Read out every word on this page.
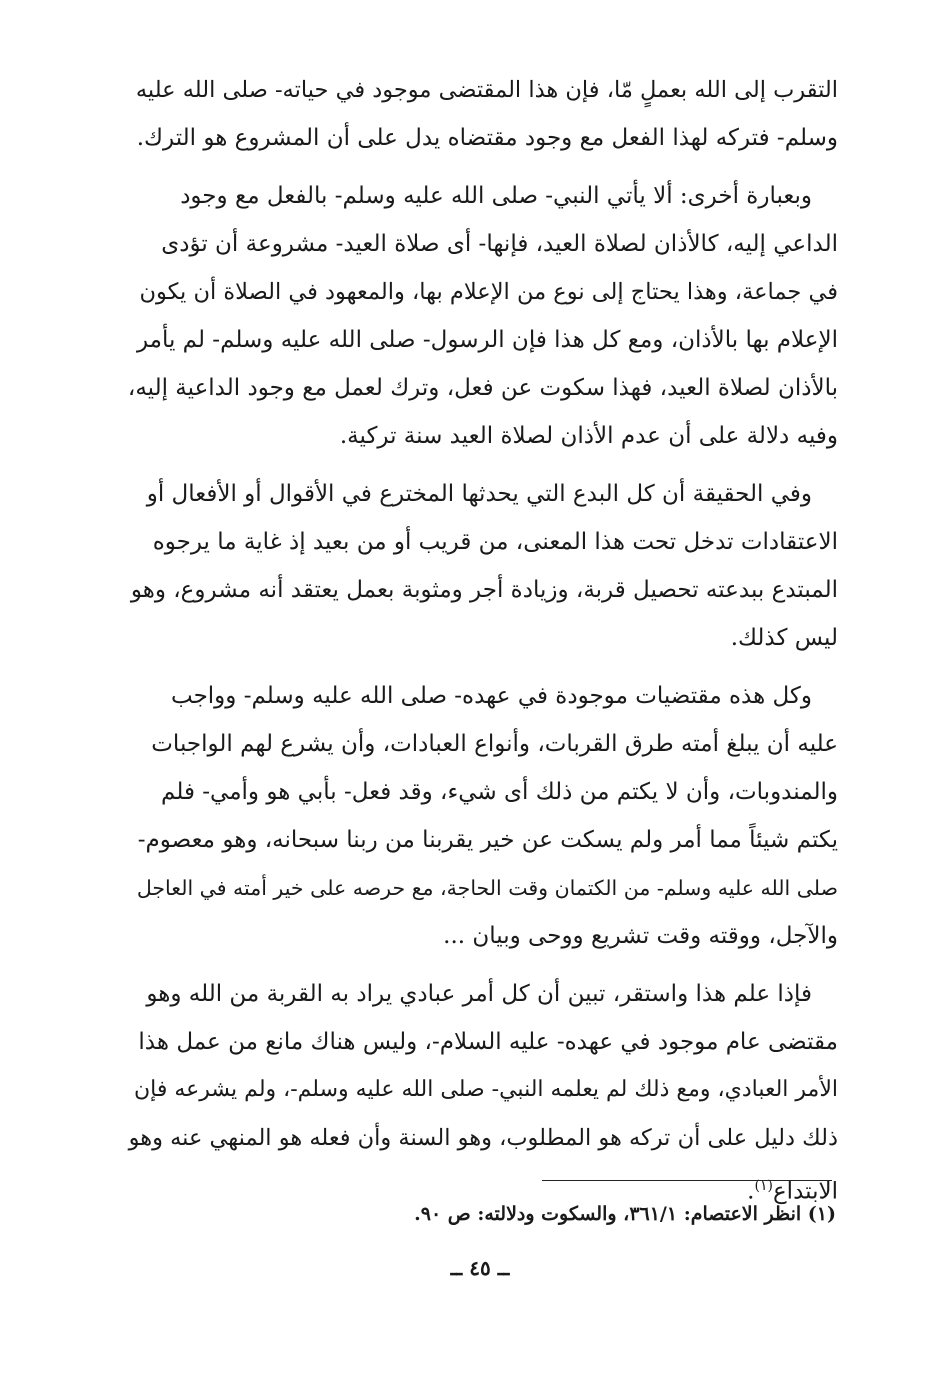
التقرب إلى الله بعملٍ مّا، فإن هذا المقتضى موجود في حياته- صلى الله عليه
وسلم- فتركه لهذا الفعل مع وجود مقتضاه يدل على أن المشروع هو الترك.
وبعبارة أخرى: ألا يأتي النبي- صلى الله عليه وسلم- بالفعل مع وجود
الداعي إليه، كالأذان لصلاة العيد، فإنها- أى صلاة العيد- مشروعة أن تؤدى
في جماعة، وهذا يحتاج إلى نوع من الإعلام بها، والمعهود في الصلاة أن يكون
الإعلام بها بالأذان، ومع كل هذا فإن الرسول- صلى الله عليه وسلم- لم يأمر
بالأذان لصلاة العيد، فهذا سكوت عن فعل، وترك لعمل مع وجود الداعية إليه،
وفيه دلالة على أن عدم الأذان لصلاة العيد سنة تركية.
وفي الحقيقة أن كل البدع التي يحدثها المخترع في الأقوال أو الأفعال أو
الاعتقادات تدخل تحت هذا المعنى، من قريب أو من بعيد إذ غاية ما يرجوه
المبتدع ببدعته تحصيل قربة، وزيادة أجر ومثوبة بعمل يعتقد أنه مشروع، وهو
ليس كذلك.
وكل هذه مقتضيات موجودة في عهده- صلى الله عليه وسلم- وواجب
عليه أن يبلغ أمته طرق القربات، وأنواع العبادات، وأن يشرع لهم الواجبات
والمندوبات، وأن لا يكتم من ذلك أى شيء، وقد فعل- بأبي هو وأمي- فلم
يكتم شيئاً مما أمر ولم يسكت عن خير يقربنا من ربنا سبحانه، وهو معصوم-
صلى الله عليه وسلم- من الكتمان وقت الحاجة، مع حرصه على خير أمته في العاجل
والآجل، ووقته وقت تشريع ووحى وبيان ...
فإذا علم هذا واستقر، تبين أن كل أمر عبادي يراد به القربة من الله وهو
مقتضى عام موجود في عهده- عليه السلام-، وليس هناك مانع من عمل هذا
الأمر العبادي، ومع ذلك لم يعلمه النبي- صلى الله عليه وسلم-، ولم يشرعه فإن
ذلك دليل على أن تركه هو المطلوب، وهو السنة وأن فعله هو المنهي عنه وهو
الابتداع$^{(١)}$.
(١) انظر الاعتصام: ٣٦١/١، والسكوت ودلالته: ص ٩٠.
ــ ٤٥ ــ
